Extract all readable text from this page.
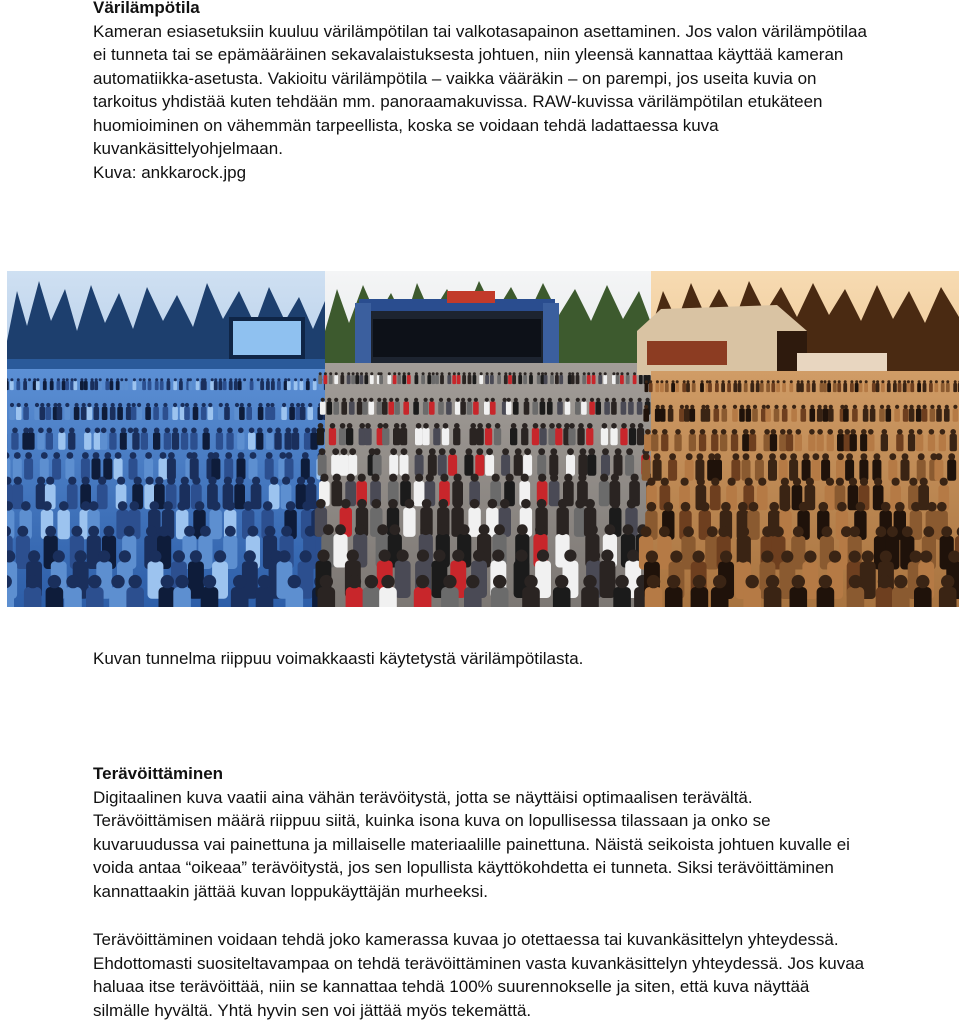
Värilämpötila
Kameran esiasetuksiin kuuluu värilämpötilan tai valkotasapainon asettaminen. Jos valon värilämpötilaa
ei tunneta tai se epämääräinen sekavalaistuksesta johtuen, niin yleensä kannattaa käyttää kameran
automatiikka-asetusta. Vakioitu värilämpötila – vaikka vääräkin – on parempi, jos useita kuvia on
tarkoitus yhdistää kuten tehdään mm. panoraamakuvissa. RAW-kuvissa värilämpötilan etukäteen
huomioiminen on vähemmän tarpeellista, koska se voidaan tehdä ladattaessa kuva
kuvankäsittelyohjelmaan.
Kuva: ankkarock.jpg
Kuvan tunnelma riippuu voimakkaasti käytetystä värilämpötilasta.
Terävöittäminen
Digitaalinen kuva vaatii aina vähän terävöitystä, jotta se näyttäisi optimaalisen terävältä.
Terävöittämisen määrä riippuu siitä, kuinka isona kuva on lopullisessa tilassaan ja onko se
kuvaruudussa vai painettuna ja millaiselle materiaalille painettuna. Näistä seikoista johtuen kuvalle ei
voida antaa “oikeaa” terävöitystä, jos sen lopullista käyttökohdetta ei tunneta. Siksi terävöittäminen
kannattaakin jättää kuvan loppukäyttäjän murheeksi.
Terävöittäminen voidaan tehdä joko kamerassa kuvaa jo otettaessa tai kuvankäsittelyn yhteydessä.
Ehdottomasti suositeltavampaa on tehdä terävöittäminen vasta kuvankäsittelyn yhteydessä. Jos kuvaa
haluaa itse terävöittää, niin se kannattaa tehdä 100% suurennokselle ja siten, että kuva näyttää
silmälle hyvältä. Yhtä hyvin sen voi jättää myös tekemättä.
